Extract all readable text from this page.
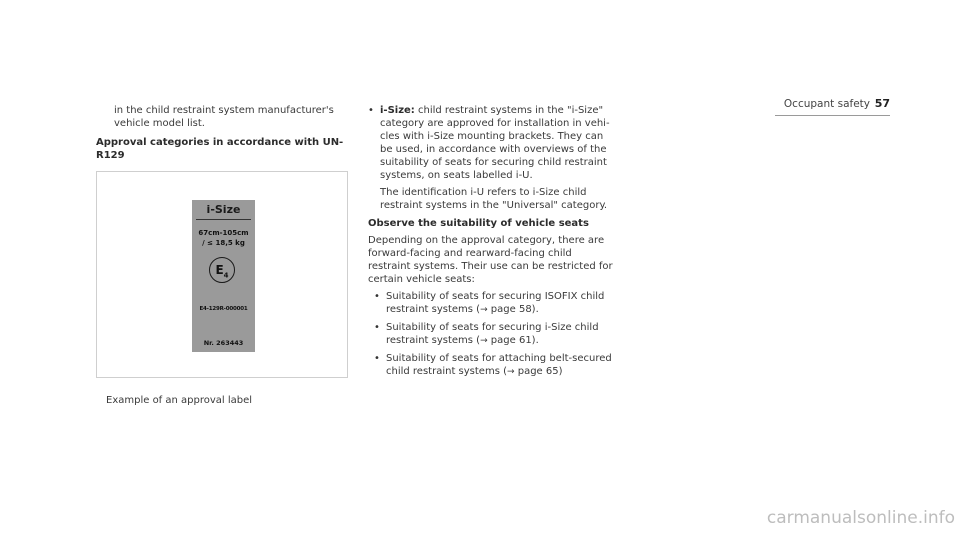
Occupant safety 57
in the child restraint system manufacturer's
vehicle model list.
Approval categories in accordance with UN-
R129
i-Size
67cm-105cm
/ ≤ 18,5 kg
$E_4$
E4-129R-000001
Nr. 263443
Example of an approval label
• i-Size: child restraint systems in the "i-Size"
category are approved for installation in vehi-
cles with i-Size mounting brackets. They can
be used, in accordance with overviews of the
suitability of seats for securing child restraint
systems, on seats labelled i-U.
The identification i-U refers to i-Size child
restraint systems in the "Universal" category.
Observe the suitability of vehicle seats
Depending on the approval category, there are
forward-facing and rearward-facing child
restraint systems. Their use can be restricted for
certain vehicle seats:
• Suitability of seats for securing ISOFIX child
restraint systems (→ page 58).
• Suitability of seats for securing i-Size child
restraint systems (→ page 61).
• Suitability of seats for attaching belt-secured
child restraint systems (→ page 65)
carmanualsonline.info
